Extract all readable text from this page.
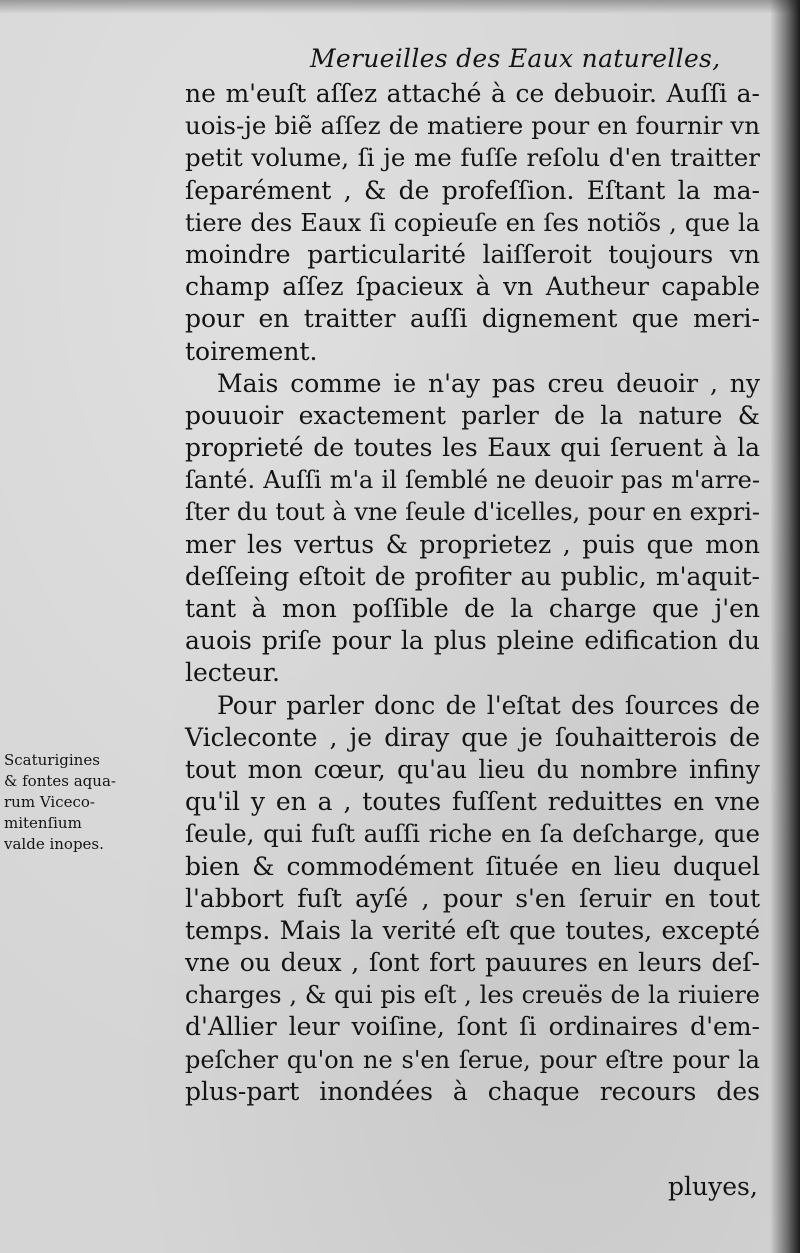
Merueilles des Eaux naturelles,
ne m'euſt aſſez attaché à ce debuoir. Auſſi a-
uois-je biẽ aſſez de matiere pour en fournir vn
petit volume, ſi je me fuſſe reſolu d'en traitter
ſeparément , & de profeſſion. Eſtant la ma-
tiere des Eaux ſi copieuſe en ſes notiõs , que la
moindre particularité laiſſeroit toujours vn
champ aſſez ſpacieux à vn Autheur capable
pour en traitter auſſi dignement que meri-
toirement.
Mais comme ie n'ay pas creu deuoir , ny
pouuoir exactement parler de la nature &
proprieté de toutes les Eaux qui ſeruent à la
ſanté. Auſſi m'a il ſemblé ne deuoir pas m'arre-
ſter du tout à vne ſeule d'icelles, pour en expri-
mer les vertus & proprietez , puis que mon
deſſeing eſtoit de profiter au public, m'aquit-
tant à mon poſſible de la charge que j'en
auois priſe pour la plus pleine edification du
lecteur.
Pour parler donc de l'eſtat des ſources de
Vicleconte , je diray que je ſouhaitterois de
tout mon cœur, qu'au lieu du nombre infiny
qu'il y en a , toutes fuſſent reduittes en vne
ſeule, qui fuſt auſſi riche en ſa deſcharge, que
bien & commodément ſituée en lieu duquel
l'abbort fuſt ayſé , pour s'en ſeruir en tout
temps. Mais la verité eſt que toutes, excepté
vne ou deux , ſont fort pauures en leurs deſ-
charges , & qui pis eſt , les creuës de la riuiere
d'Allier leur voiſine, ſont ſi ordinaires d'em-
peſcher qu'on ne s'en ſerue, pour eſtre pour la
plus-part inondées à chaque recours des
Scaturigines
& fontes aqua-
rum Viceco-
mitenſium
valde inopes.
pluyes,
